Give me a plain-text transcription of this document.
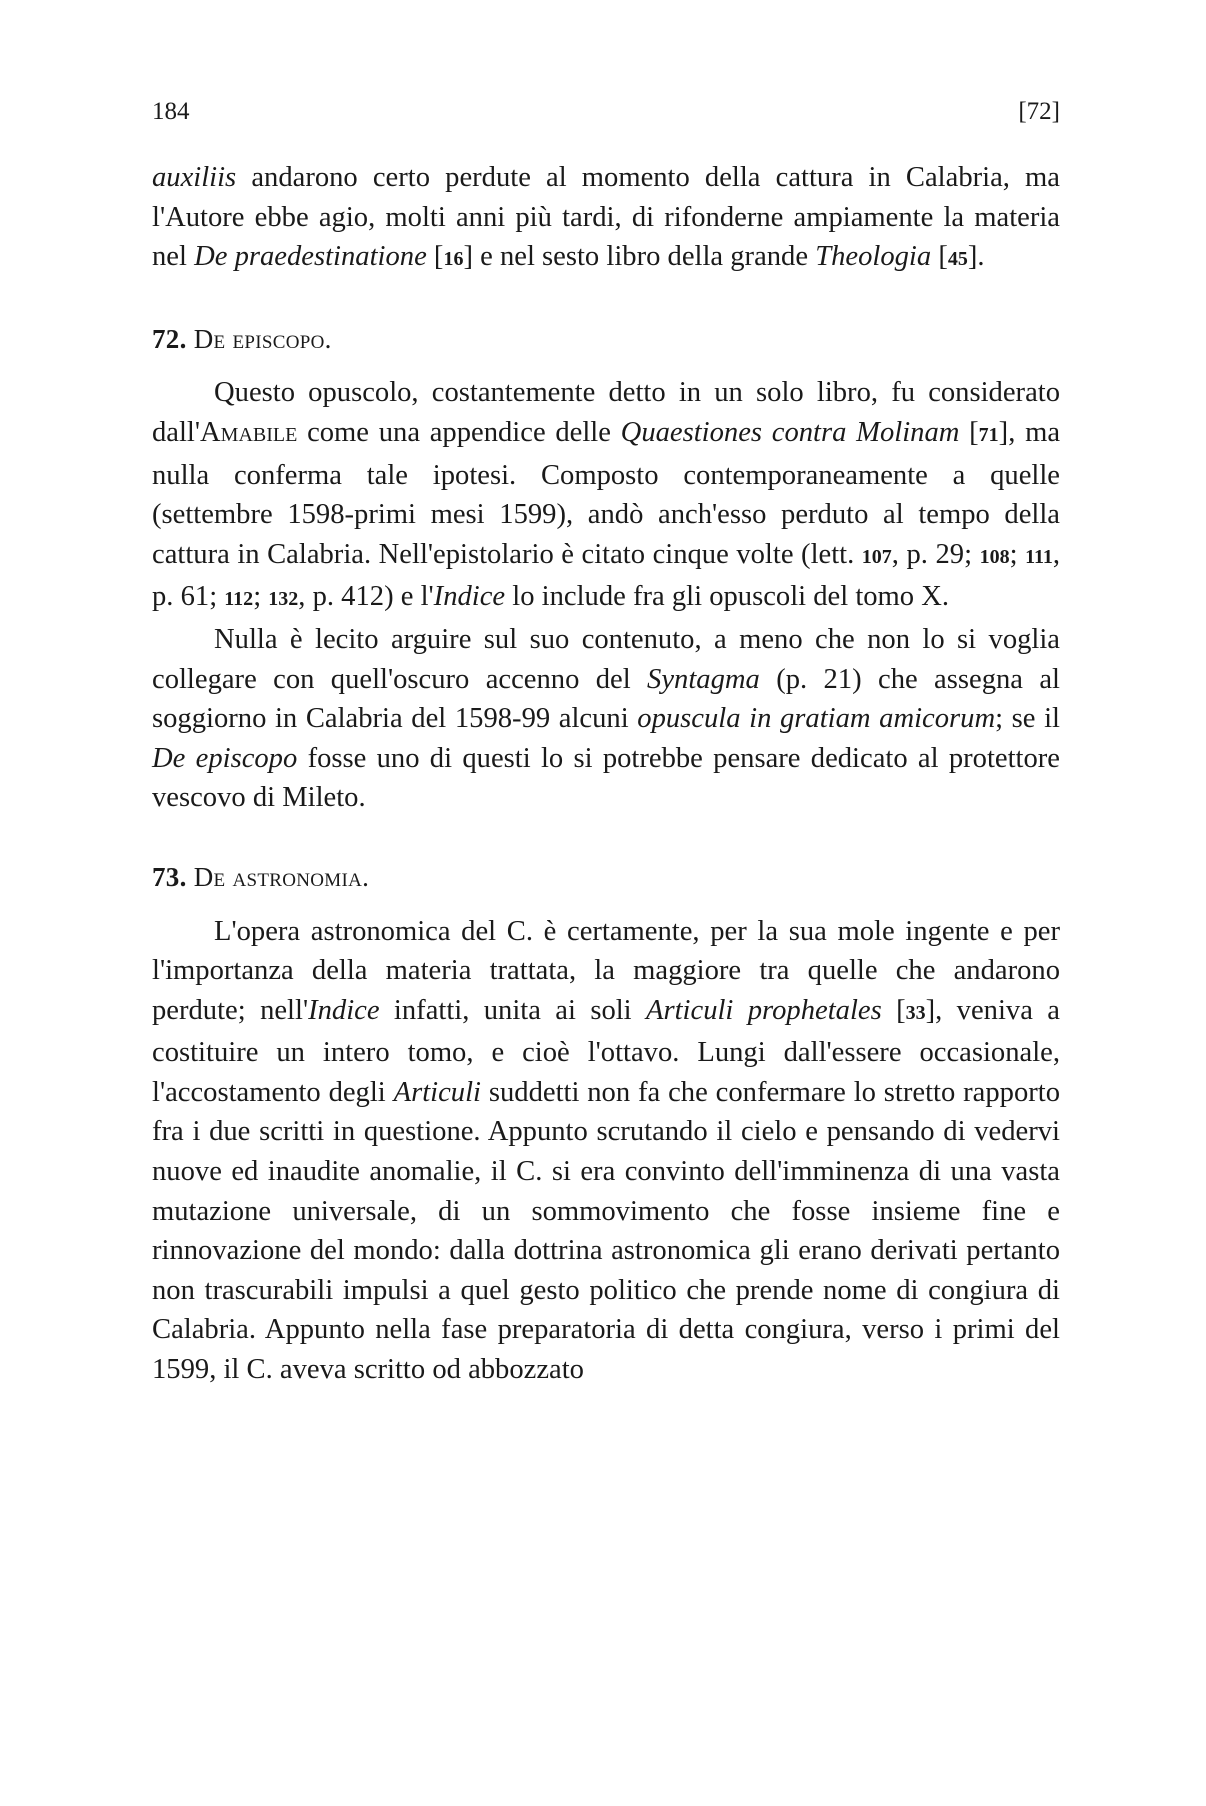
184	[72]

auxiliis andarono certo perdute al momento della cattura in Calabria, ma l'Autore ebbe agio, molti anni più tardi, di rifonderne ampiamente la materia nel De praedestinatione [16] e nel sesto libro della grande Theologia [45].

72. De episcopo.

Questo opuscolo, costantemente detto in un solo libro, fu considerato dall'Amabile come una appendice delle Quaestiones contra Molinam [71], ma nulla conferma tale ipotesi. Composto contemporaneamente a quelle (settembre 1598-primi mesi 1599), andò anch'esso perduto al tempo della cattura in Calabria. Nell'epistolario è citato cinque volte (lett. 107, p. 29; 108; 111, p. 61; 112; 132, p. 412) e l'Indice lo include fra gli opuscoli del tomo X.

Nulla è lecito arguire sul suo contenuto, a meno che non lo si voglia collegare con quell'oscuro accenno del Syntagma (p. 21) che assegna al soggiorno in Calabria del 1598-99 alcuni opuscula in gratiam amicorum; se il De episcopo fosse uno di questi lo si potrebbe pensare dedicato al protettore vescovo di Mileto.

73. De astronomia.

L'opera astronomica del C. è certamente, per la sua mole ingente e per l'importanza della materia trattata, la maggiore tra quelle che andarono perdute; nell'Indice infatti, unita ai soli Articuli prophetales [33], veniva a costituire un intero tomo, e cioè l'ottavo. Lungi dall'essere occasionale, l'accostamento degli Articuli suddetti non fa che confermare lo stretto rapporto fra i due scritti in questione. Appunto scrutando il cielo e pensando di vedervi nuove ed inaudite anomalie, il C. si era convinto dell'imminenza di una vasta mutazione universale, di un sommovimento che fosse insieme fine e rinnovazione del mondo: dalla dottrina astronomica gli erano derivati pertanto non trascurabili impulsi a quel gesto politico che prende nome di congiura di Calabria. Appunto nella fase preparatoria di detta congiura, verso i primi del 1599, il C. aveva scritto od abbozzato
